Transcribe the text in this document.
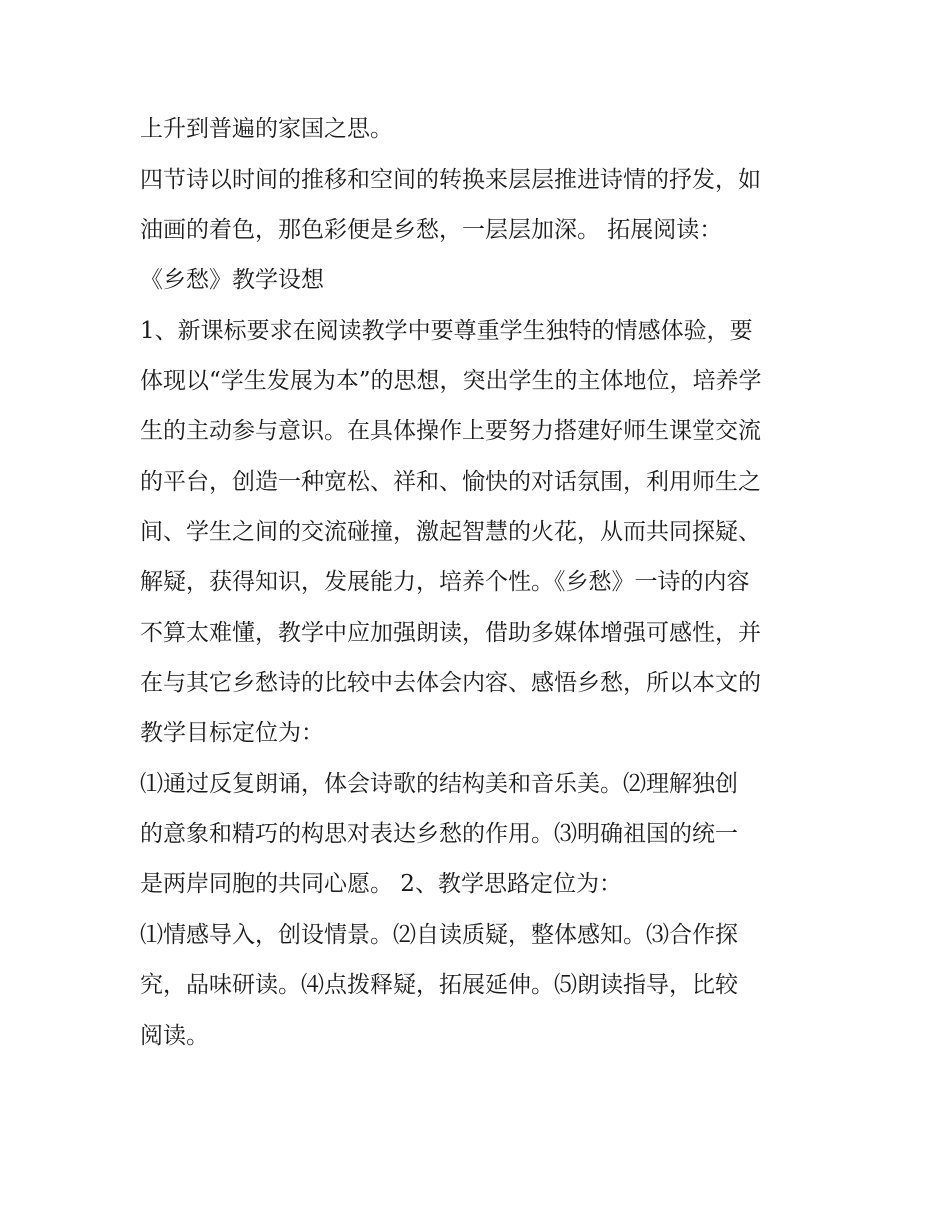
上升到普遍的家国之思。

四节诗以时间的推移和空间的转换来层层推进诗情的抒发，如

油画的着色，那色彩便是乡愁，一层层加深。 拓展阅读：

《乡愁》教学设想

1、新课标要求在阅读教学中要尊重学生独特的情感体验，要

体现以“学生发展为本”的思想，突出学生的主体地位，培养学

生的主动参与意识。在具体操作上要努力搭建好师生课堂交流

的平台，创造一种宽松、祥和、愉快的对话氛围，利用师生之

间、学生之间的交流碰撞，激起智慧的火花，从而共同探疑、

解疑，获得知识，发展能力，培养个性。《乡愁》一诗的内容

不算太难懂，教学中应加强朗读，借助多媒体增强可感性，并

在与其它乡愁诗的比较中去体会内容、感悟乡愁，所以本文的

教学目标定位为：

⑴通过反复朗诵，体会诗歌的结构美和音乐美。⑵理解独创

的意象和精巧的构思对表达乡愁的作用。⑶明确祖国的统一

是两岸同胞的共同心愿。 2、教学思路定位为：

⑴情感导入，创设情景。⑵自读质疑，整体感知。⑶合作探

究，品味研读。⑷点拨释疑，拓展延伸。⑸朗读指导，比较

阅读。
